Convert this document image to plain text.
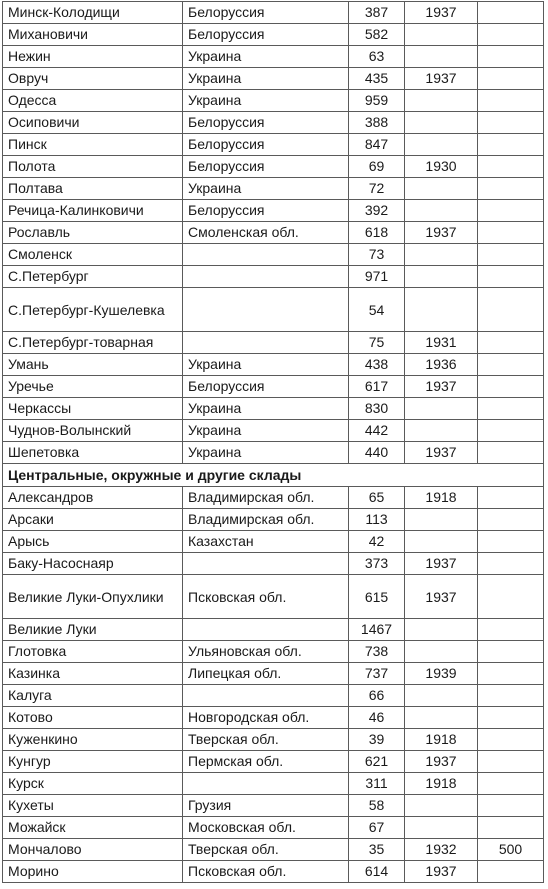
Минск-Колодищи	Белоруссия	387	1937	
Михановичи	Белоруссия	582		
Нежин	Украина	63		
Овруч	Украина	435	1937	
Одесса	Украина	959		
Осиповичи	Белоруссия	388		
Пинск	Белоруссия	847		
Полота	Белоруссия	69	1930	
Полтава	Украина	72		
Речица-Калинковичи	Белоруссия	392		
Рославль	Смоленская обл.	618	1937	
Смоленск		73		
С.Петербург		971		
С.Петербург-Кушелевка		54		
С.Петербург-товарная		75	1931	
Умань	Украина	438	1936	
Уречье	Белоруссия	617	1937	
Черкассы	Украина	830		
Чуднов-Волынский	Украина	442		
Шепетовка	Украина	440	1937	
Центральные, окружные и другие склады				
Александров	Владимирская обл.	65	1918	
Арсаки	Владимирская обл.	113		
Арысь	Казахстан	42		
Баку-Насоснаяр		373	1937	
Великие Луки-Опухлики	Псковская обл.	615	1937	
Великие Луки		1467		
Глотовка	Ульяновская обл.	738		
Казинка	Липецкая обл.	737	1939	
Калуга		66		
Котово	Новгородская обл.	46		
Куженкино	Тверская обл.	39	1918	
Кунгур	Пермская обл.	621	1937	
Курск		311	1918	
Кухеты	Грузия	58		
Можайск	Московская обл.	67		
Мончалово	Тверская обл.	35	1932	500
Морино	Псковская обл.	614	1937	
